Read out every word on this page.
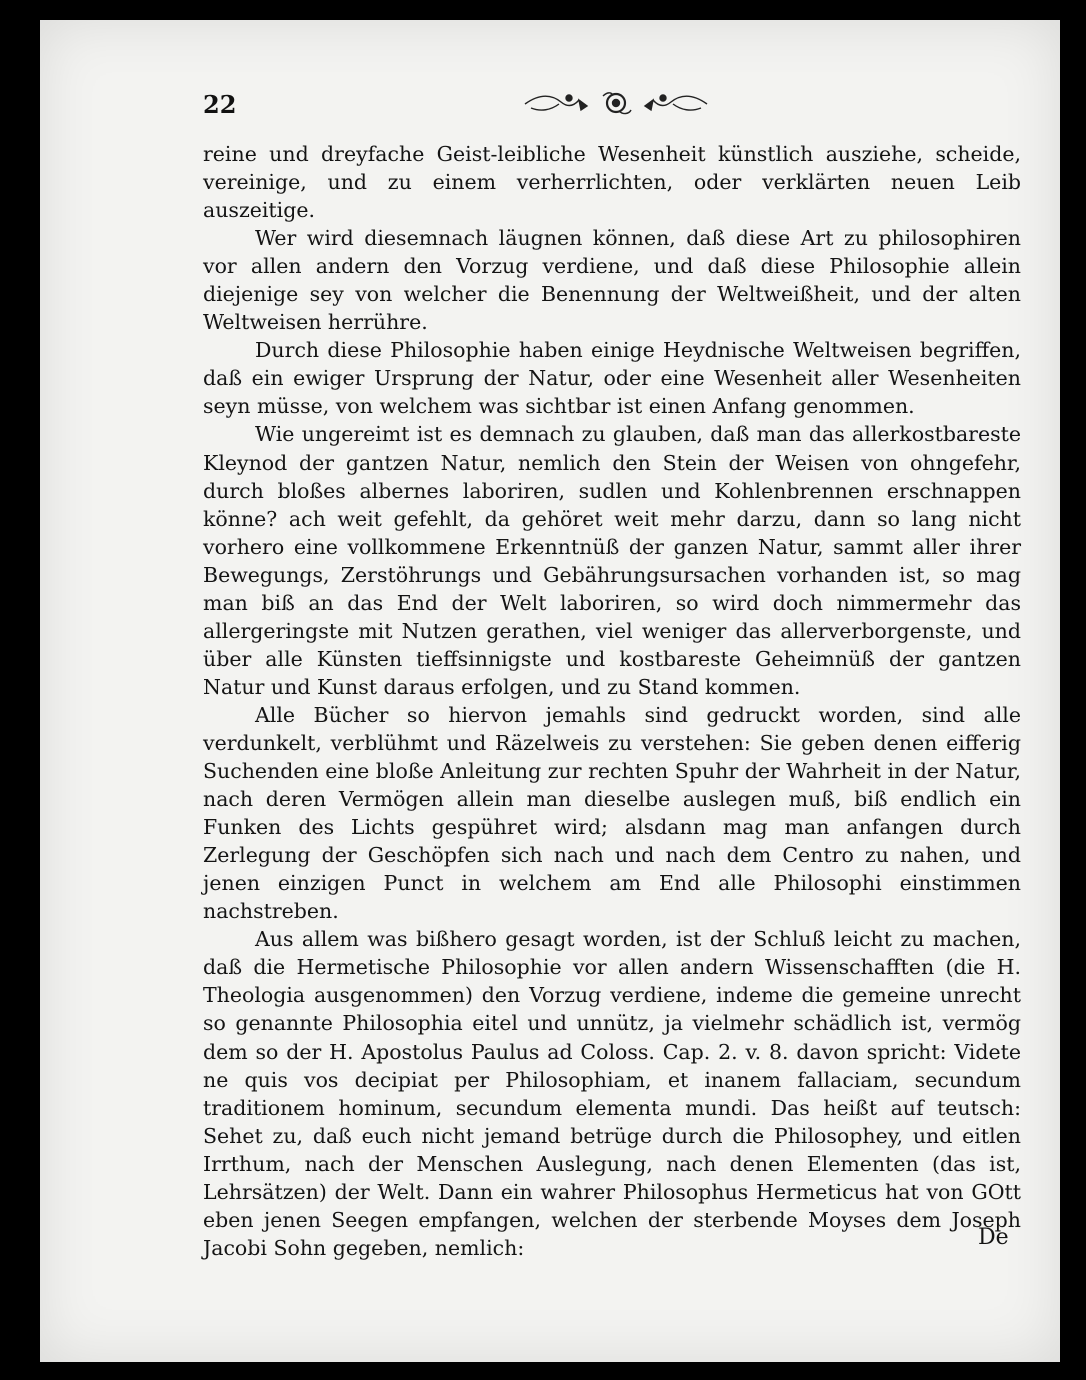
22

reine und dreyfache Geist-leibliche Wesenheit künstlich ausziehe, scheide, vereinige, und zu einem verherrlichten, oder verklärten neuen Leib auszeitige.

Wer wird diesemnach läugnen können, daß diese Art zu philosophiren vor allen andern den Vorzug verdiene, und daß diese Philosophie allein diejenige sey von welcher die Benennung der Weltweißheit, und der alten Weltweisen herrühre.

Durch diese Philosophie haben einige Heydnische Weltweisen begriffen, daß ein ewiger Ursprung der Natur, oder eine Wesenheit aller Wesenheiten seyn müsse, von welchem was sichtbar ist einen Anfang genommen.

Wie ungereimt ist es demnach zu glauben, daß man das allerkostbareste Kleynod der gantzen Natur, nemlich den Stein der Weisen von ohngefehr, durch bloßes albernes laboriren, sudlen und Kohlenbrennen erschnappen könne? ach weit gefehlt, da gehöret weit mehr darzu, dann so lang nicht vorhero eine vollkommene Erkenntnüß der ganzen Natur, sammt aller ihrer Bewegungs, Zerstöhrungs und Gebährungsursachen vorhanden ist, so mag man biß an das End der Welt laboriren, so wird doch nimmermehr das allergeringste mit Nutzen gerathen, viel weniger das allerverborgenste, und über alle Künsten tieffsinnigste und kostbareste Geheimnüß der gantzen Natur und Kunst daraus erfolgen, und zu Stand kommen.

Alle Bücher so hiervon jemahls sind gedruckt worden, sind alle verdunkelt, verblühmt und Räzelweis zu verstehen: Sie geben denen eifferig Suchenden eine bloße Anleitung zur rechten Spuhr der Wahrheit in der Natur, nach deren Vermögen allein man dieselbe auslegen muß, biß endlich ein Funken des Lichts gespühret wird; alsdann mag man anfangen durch Zerlegung der Geschöpfen sich nach und nach dem Centro zu nahen, und jenen einzigen Punct in welchem am End alle Philosophi einstimmen nachstreben.

Aus allem was bißhero gesagt worden, ist der Schluß leicht zu machen, daß die Hermetische Philosophie vor allen andern Wissenschafften (die H. Theologia ausgenommen) den Vorzug verdiene, indeme die gemeine unrecht so genannte Philosophia eitel und unnütz, ja vielmehr schädlich ist, vermög dem so der H. Apostolus Paulus ad Coloss. Cap. 2. v. 8. davon spricht: Videte ne quis vos decipiat per Philosophiam, et inanem fallaciam, secundum traditionem hominum, secundum elementa mundi. Das heißt auf teutsch: Sehet zu, daß euch nicht jemand betrüge durch die Philosophey, und eitlen Irrthum, nach der Menschen Auslegung, nach denen Elementen (das ist, Lehrsätzen) der Welt. Dann ein wahrer Philosophus Hermeticus hat von GOtt eben jenen Seegen empfangen, welchen der sterbende Moyses dem Joseph Jacobi Sohn gegeben, nemlich:	De
